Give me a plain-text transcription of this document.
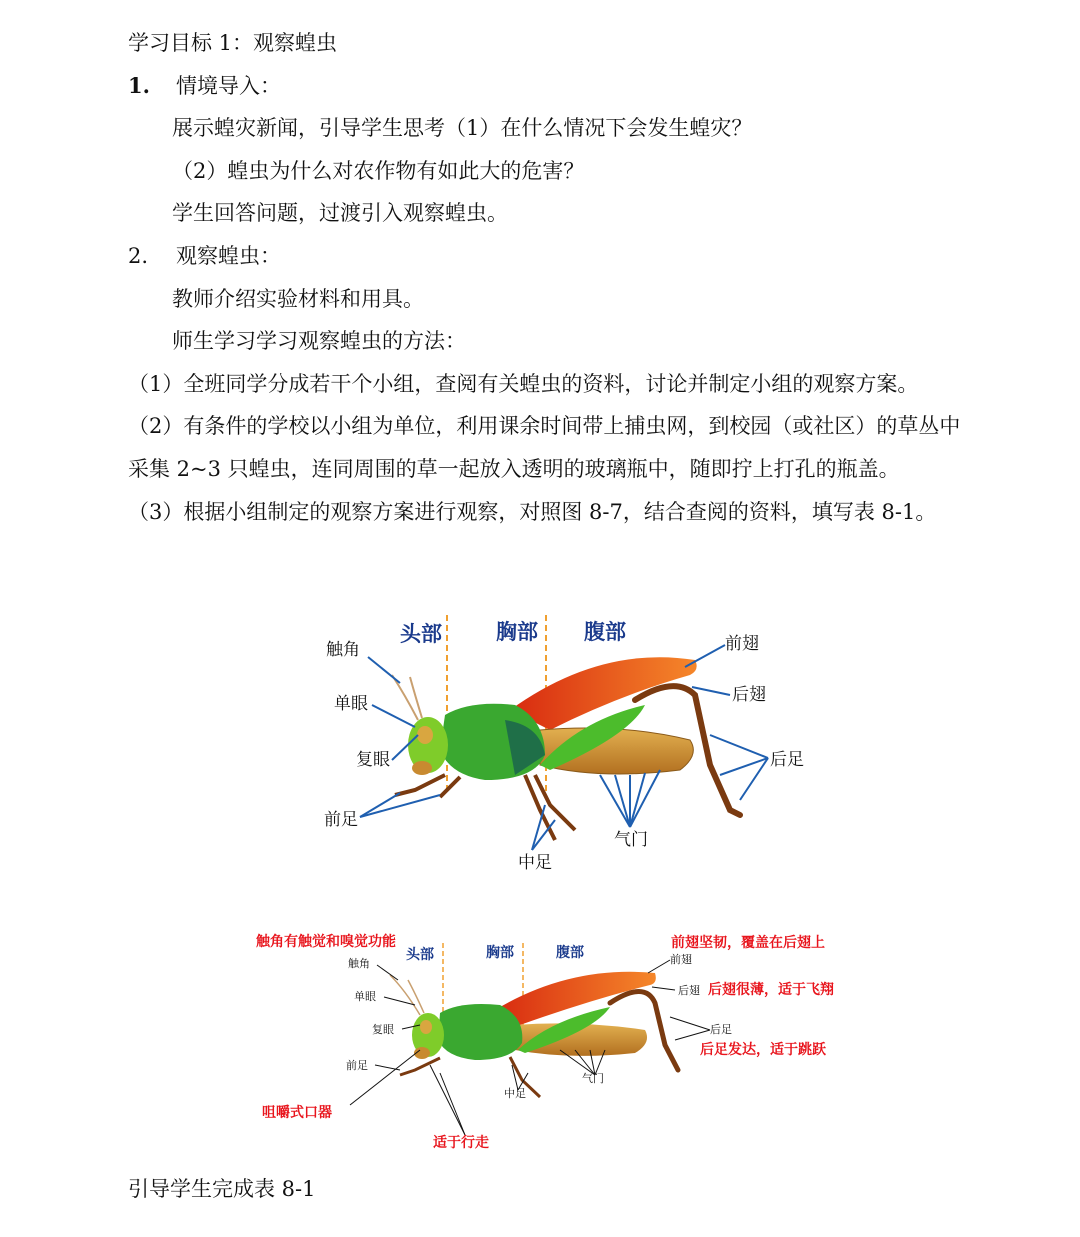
学习目标 1：观察蝗虫
1. 情境导入：
展示蝗灾新闻，引导学生思考（1）在什么情况下会发生蝗灾？
（2）蝗虫为什么对农作物有如此大的危害？
学生回答问题，过渡引入观察蝗虫。
2. 观察蝗虫：
教师介绍实验材料和用具。
师生学习学习观察蝗虫的方法：
（1）全班同学分成若干个小组，查阅有关蝗虫的资料，讨论并制定小组的观察方案。
（2）有条件的学校以小组为单位，利用课余时间带上捕虫网，到校园（或社区）的草丛中
采集 2~3 只蝗虫，连同周围的草一起放入透明的玻璃瓶中，随即拧上打孔的瓶盖。
（3）根据小组制定的观察方案进行观察，对照图 8-7，结合查阅的资料，填写表 8-1。
头部	胸部 腹部
触角
单眼
复眼
前足
中足
气门
前翅
后翅
后足
头部	胸部	腹部
触角
单眼
复眼
前足
中足
气门
前翅
后翅
后足
触角有触觉和嗅觉功能	前翅坚韧，覆盖在后翅上
后翅很薄，适于飞翔
后足发达，适于跳跃
咀嚼式口器
适于行走
引导学生完成表 8-1
